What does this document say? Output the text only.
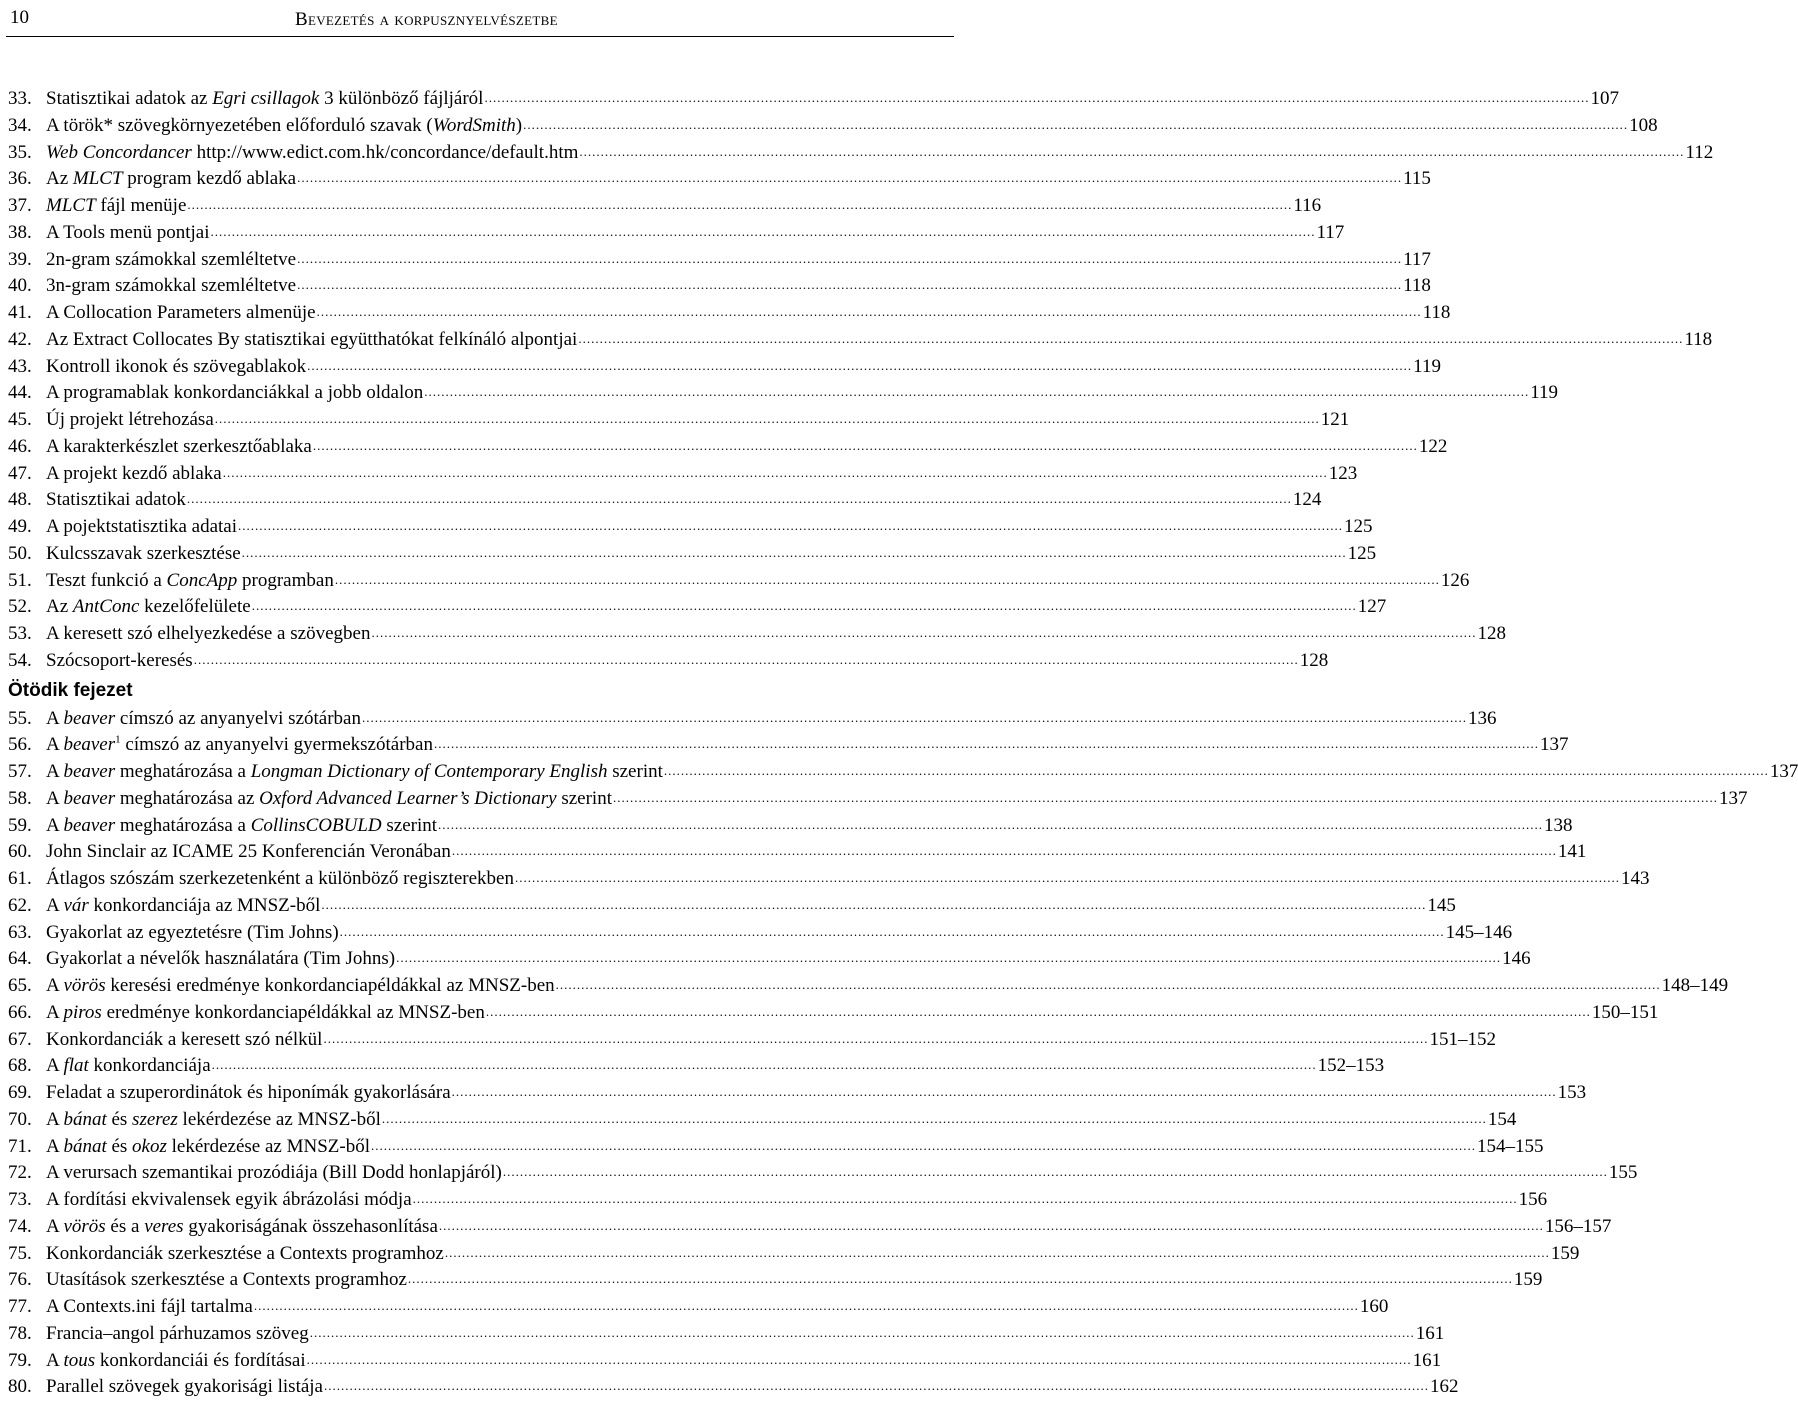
10	Bevezetés a korpusznyelvészetbe
33. Statisztikai adatok az Egri csillagok 3 különböző fájljáról .....	107
34. A török* szövegkörnyezetében előforduló szavak (WordSmith) .....	108
35. Web Concordancer http://www.edict.com.hk/concordance/default.htm .....	112
36. Az MLCT program kezdő ablaka .....	115
37. MLCT fájl menüje .....	116
38. A Tools menü pontjai .....	117
39. 2n-gram számokkal szemléltetve .....	117
40. 3n-gram számokkal szemléltetve .....	118
41. A Collocation Parameters almenüje .....	118
42. Az Extract Collocates By statisztikai együtthatókat felkínáló alpontjai .....	118
43. Kontroll ikonok és szövegablakok .....	119
44. A programablak konkordanciákkal a jobb oldalon .....	119
45. Új projekt létrehozása .....	121
46. A karakterkészlet szerkesztőablaka .....	122
47. A projekt kezdő ablaka .....	123
48. Statisztikai adatok .....	124
49. A pojektstatisztika adatai .....	125
50. Kulcsszavak szerkesztése .....	125
51. Teszt funkció a ConcApp programban .....	126
52. Az AntConc kezelőfelülete .....	127
53. A keresett szó elhelyezkedése a szövegben .....	128
54. Szócsoport-keresés .....	128
Ötödik fejezet
55. A beaver címszó az anyanyelvi szótárban .....	136
56. A beaver$^1$ címszó az anyanyelvi gyermekszótárban .....	137
57. A beaver meghatározása a Longman Dictionary of Contemporary English szerint .....	137
58. A beaver meghatározása az Oxford Advanced Learner’s Dictionary szerint .....	137
59. A beaver meghatározása a CollinsCOBULD szerint .....	138
60. John Sinclair az ICAME 25 Konferencián Veronában .....	141
61. Átlagos szószám szerkezetenként a különböző regiszterekben .....	143
62. A vár konkordanciája az MNSZ-ből .....	145
63. Gyakorlat az egyeztetésre (Tim Johns) .....	145–146
64. Gyakorlat a névelők használatára (Tim Johns) .....	146
65. A vörös keresési eredménye konkordanciapéldákkal az MNSZ-ben .....	148–149
66. A piros eredménye konkordanciapéldákkal az MNSZ-ben .....	150–151
67. Konkordanciák a keresett szó nélkül .....	151–152
68. A flat konkordanciája .....	152–153
69. Feladat a szuperordinátok és hiponímák gyakorlására .....	153
70. A bánat és szerez lekérdezése az MNSZ-ből .....	154
71. A bánat és okoz lekérdezése az MNSZ-ből .....	154–155
72. A verursach szemantikai prozódiája (Bill Dodd honlapjáról) .....	155
73. A fordítási ekvivalensek egyik ábrázolási módja .....	156
74. A vörös és a veres gyakoriságának összehasonlítása .....	156–157
75. Konkordanciák szerkesztése a Contexts programhoz .....	159
76. Utasítások szerkesztése a Contexts programhoz .....	159
77. A Contexts.ini fájl tartalma .....	160
78. Francia–angol párhuzamos szöveg .....	161
79. A tous konkordanciái és fordításai .....	161
80. Parallel szövegek gyakorisági listája .....	162
